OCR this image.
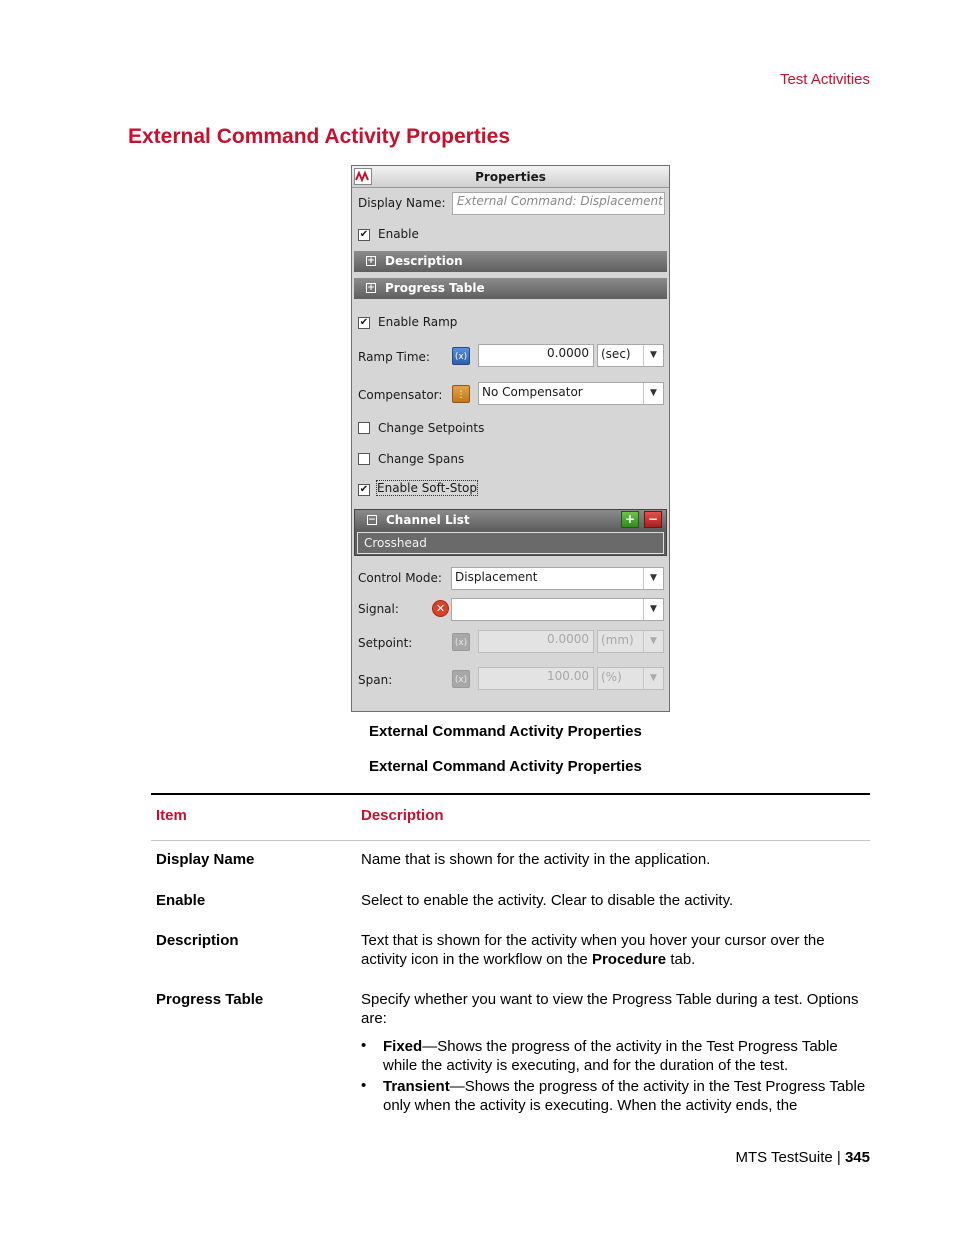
Test Activities
External Command Activity Properties
Properties
Display Name: External Command: Displacement
✔ Enable
+ Description
+ Progress Table
✔ Enable Ramp
Ramp Time:	(x)	0.0000	(sec)	▼
Compensator:	⋮	No Compensator	▼
Change Setpoints
Change Spans
✔ Enable Soft-Stop
− Channel List	+	−
Crosshead
Control Mode: Displacement	▼
Signal:	✕	▼
Setpoint:	(x)	0.0000	(mm)	▼
Span:	(x)	100.00	(%)	▼
External Command Activity Properties
External Command Activity Properties
Item	Description
Display Name	Name that is shown for the activity in the application.
Enable	Select to enable the activity. Clear to disable the activity.
Description	Text that is shown for the activity when you hover your cursor over the activity icon in the workflow on the Procedure tab.
Progress Table	Specify whether you want to view the Progress Table during a test. Options are:
• Fixed—Shows the progress of the activity in the Test Progress Table while the activity is executing, and for the duration of the test.
• Transient—Shows the progress of the activity in the Test Progress Table only when the activity is executing. When the activity ends, the
MTS TestSuite | 345
